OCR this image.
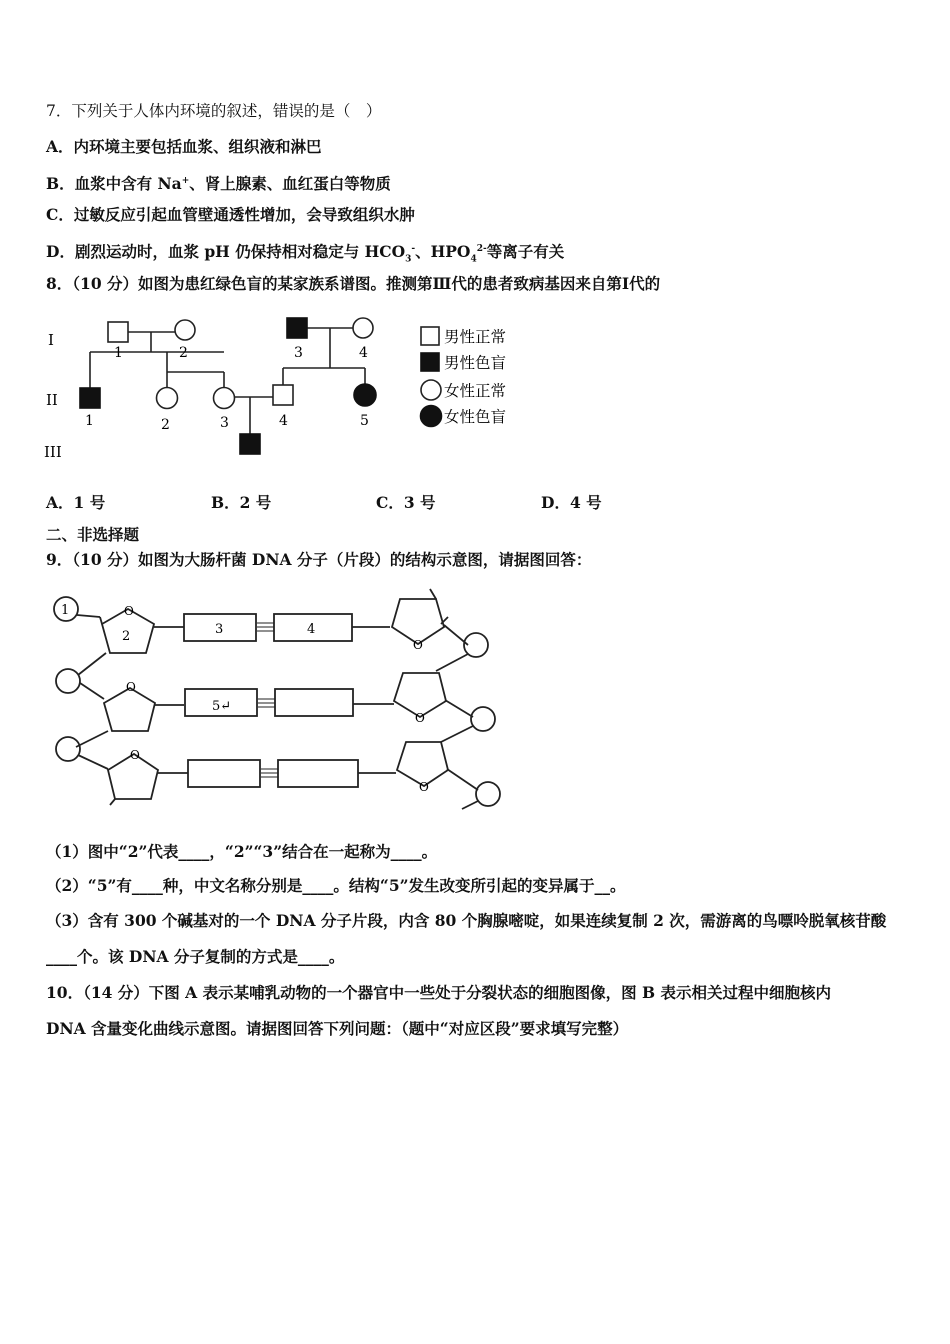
7．下列关于人体内环境的叙述，错误的是（　）
A．内环境主要包括血浆、组织液和淋巴
B．血浆中含有 Na+、肾上腺素、血红蛋白等物质
C．过敏反应引起血管壁通透性增加，会导致组织水肿
D．剧烈运动时，血浆 pH 仍保持相对稳定与 $HCO_3^-$、$HPO_4^{2-}$等离子有关
8．（10 分）如图为患红绿色盲的某家族系谱图。推测第Ⅲ代的患者致病基因来自第Ⅰ代的
I
II
III
1	2	3	4
1	2	3	4	5
男性正常
男性色盲
女性正常
女性色盲
A．1 号	B．2 号	C．3 号	D．4 号
二、非选择题
9．（10 分）如图为大肠杆菌 DNA 分子（片段）的结构示意图，请据图回答：
1
2	3	4
5↵
O
O
O
O
O
O
（1）图中“2”代表____，“2”“3”结合在一起称为____。
（2）“5”有____种，中文名称分别是____。结构“5”发生改变所引起的变异属于__。
（3）含有 300 个碱基对的一个 DNA 分子片段，内含 80 个胸腺嘧啶，如果连续复制 2 次，需游离的鸟嘌呤脱氧核苷酸
____个。该 DNA 分子复制的方式是____。
10．（14 分）下图 A 表示某哺乳动物的一个器官中一些处于分裂状态的细胞图像，图 B 表示相关过程中细胞核内
DNA 含量变化曲线示意图。请据图回答下列问题：（题中“对应区段”要求填写完整）
